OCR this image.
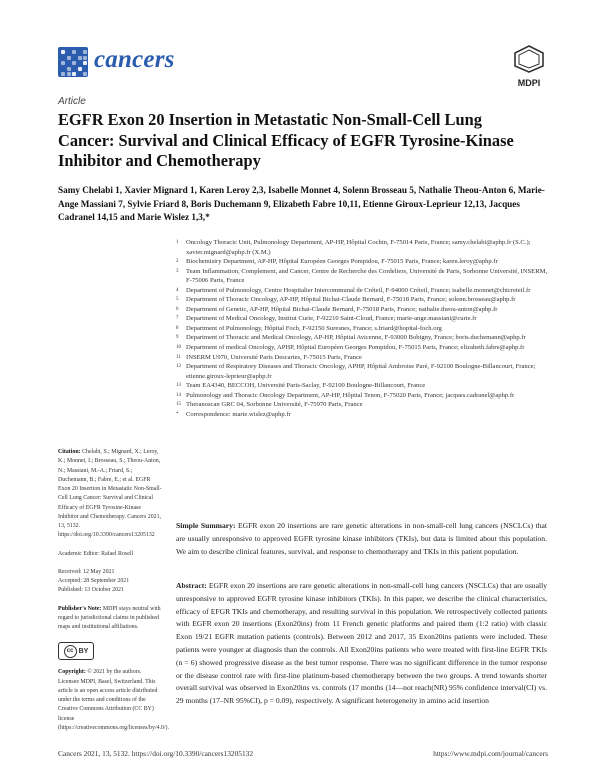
cancers
MDPI
Article
EGFR Exon 20 Insertion in Metastatic Non-Small-Cell Lung Cancer: Survival and Clinical Efficacy of EGFR Tyrosine-Kinase Inhibitor and Chemotherapy
Samy Chelabi 1, Xavier Mignard 1, Karen Leroy 2,3, Isabelle Monnet 4, Solenn Brosseau 5, Nathalie Theou-Anton 6, Marie-Ange Massiani 7, Sylvie Friard 8, Boris Duchemann 9, Elizabeth Fabre 10,11, Etienne Giroux-Leprieur 12,13, Jacques Cadranel 14,15 and Marie Wislez 1,3,*
1	Oncology Thoracic Unit, Pulmonology Department, AP-HP, Hôpital Cochin, F-75014 Paris, France; samy.chelabi@aphp.fr (S.C.); xavier.mignard@aphp.fr (X.M.)
2	Biochemistry Department, AP-HP, Hôpital Européen Georges Pompidou, F-75015 Paris, France; karen.leroy@aphp.fr
3	Team Inflammation, Complement, and Cancer, Centre de Recherche des Cordeliers, Université de Paris, Sorbonne Université, INSERM, F-75006 Paris, France
4	Department of Pulmonology, Centre Hospitalier Intercommunal de Créteil, F-94000 Créteil, France; isabelle.monnet@chicreteil.fr
5	Department of Thoracic Oncology, AP-HP, Hôpital Bichat-Claude Bernard, F-75018 Paris, France; solenn.brosseau@aphp.fr
6	Department of Genetic, AP-HP, Hôpital Bichat-Claude Bernard, F-75018 Paris, France; nathalie.theou-anton@aphp.fr
7	Department of Medical Oncology, Institut Curie, F-92210 Saint-Cloud, France; marie-ange.massiani@curie.fr
8	Department of Pulmonology, Hôpital Foch, F-92150 Suresnes, France; s.friard@hopital-foch.org
9	Department of Thoracic and Medical Oncology, AP-HP, Hôpital Avicenne, F-93000 Bobigny, France; boris.duchemann@aphp.fr
10 Department of medical Oncology, APHP, Hôpital Européen Georges Pompidou, F-75015 Paris, France; elizabeth.fabre@aphp.fr
11 INSERM U970, Université Paris Descartes, F-75015 Paris, France
12 Department of Respiratory Diseases and Thoracic Oncology, APHP, Hôpital Ambroise Paré, F-92100 Boulogne-Billancourt, France; etienne.giroux-leprieur@aphp.fr
13 Team EA4340, BECCOH, Université Paris-Saclay, F-92100 Boulogne-Billancourt, France
14 Pulmonology and Thoracic Oncology Department, AP-HP, Hôpital Tenon, F-75020 Paris, France; jacques.cadranel@aphp.fr
15 Theranoscan GRC 04, Sorbonne Université, F-75970 Paris, France
*	Correspondence: marie.wislez@aphp.fr
Citation: Chelabi, S.; Mignard, X.; Leroy, K.; Monnet, I.; Brosseau, S.; Theou-Anton, N.; Massiani, M.-A.; Friard, S.; Duchemann, B.; Fabre, E.; et al. EGFR Exon 20 Insertion in Metastatic Non-Small-Cell Lung Cancer: Survival and Clinical Efficacy of EGFR Tyrosine-Kinase Inhibitor and Chemotherapy. Cancers 2021, 13, 5132. https://doi.org/10.3390/cancers13205132
Academic Editor: Rafael Rosell
Received: 12 May 2021
Accepted: 28 September 2021
Published: 13 October 2021
Publisher's Note: MDPI stays neutral with regard to jurisdictional claims in published maps and institutional affiliations.
cc BY
Copyright: © 2021 by the authors. Licensee MDPI, Basel, Switzerland. This article is an open access article distributed under the terms and conditions of the Creative Commons Attribution (CC BY) license (https://creativecommons.org/licenses/by/4.0/).
Simple Summary: EGFR exon 20 insertions are rare genetic alterations in non-small-cell lung cancers (NSCLCs) that are usually unresponsive to approved EGFR tyrosine kinase inhibitors (TKIs), but data is limited about this population. We aim to describe clinical features, survival, and response to chemotherapy and TKIs in this patient population.
Abstract: EGFR exon 20 insertions are rare genetic alterations in non-small-cell lung cancers (NSCLCs) that are usually unresponsive to approved EGFR tyrosine kinase inhibitors (TKIs). In this paper, we describe the clinical characteristics, efficacy of EFGR TKIs and chemotherapy, and resulting survival in this population. We retrospectively collected patients with EGFR exon 20 insertions (Exon20ins) from 11 French genetic platforms and paired them (1:2 ratio) with classic Exon 19/21 EGFR mutation patients (controls). Between 2012 and 2017, 35 Exon20ins patients were included. These patients were younger at diagnosis than the controls. All Exon20ins patients who were treated with first-line EGFR TKIs (n = 6) showed progressive disease as the best tumor response. There was no significant difference in the tumor response or the disease control rate with first-line platinum-based chemotherapy between the two groups. A trend towards shorter overall survival was observed in Exon20ins vs. controls (17 months (14—not reach(NR) 95% confidence interval(CI) vs. 29 months (17–NR 95%CI), p = 0.09), respectively. A significant heterogeneity in amino acid insertion
Cancers 2021, 13, 5132. https://doi.org/10.3390/cancers13205132	https://www.mdpi.com/journal/cancers
